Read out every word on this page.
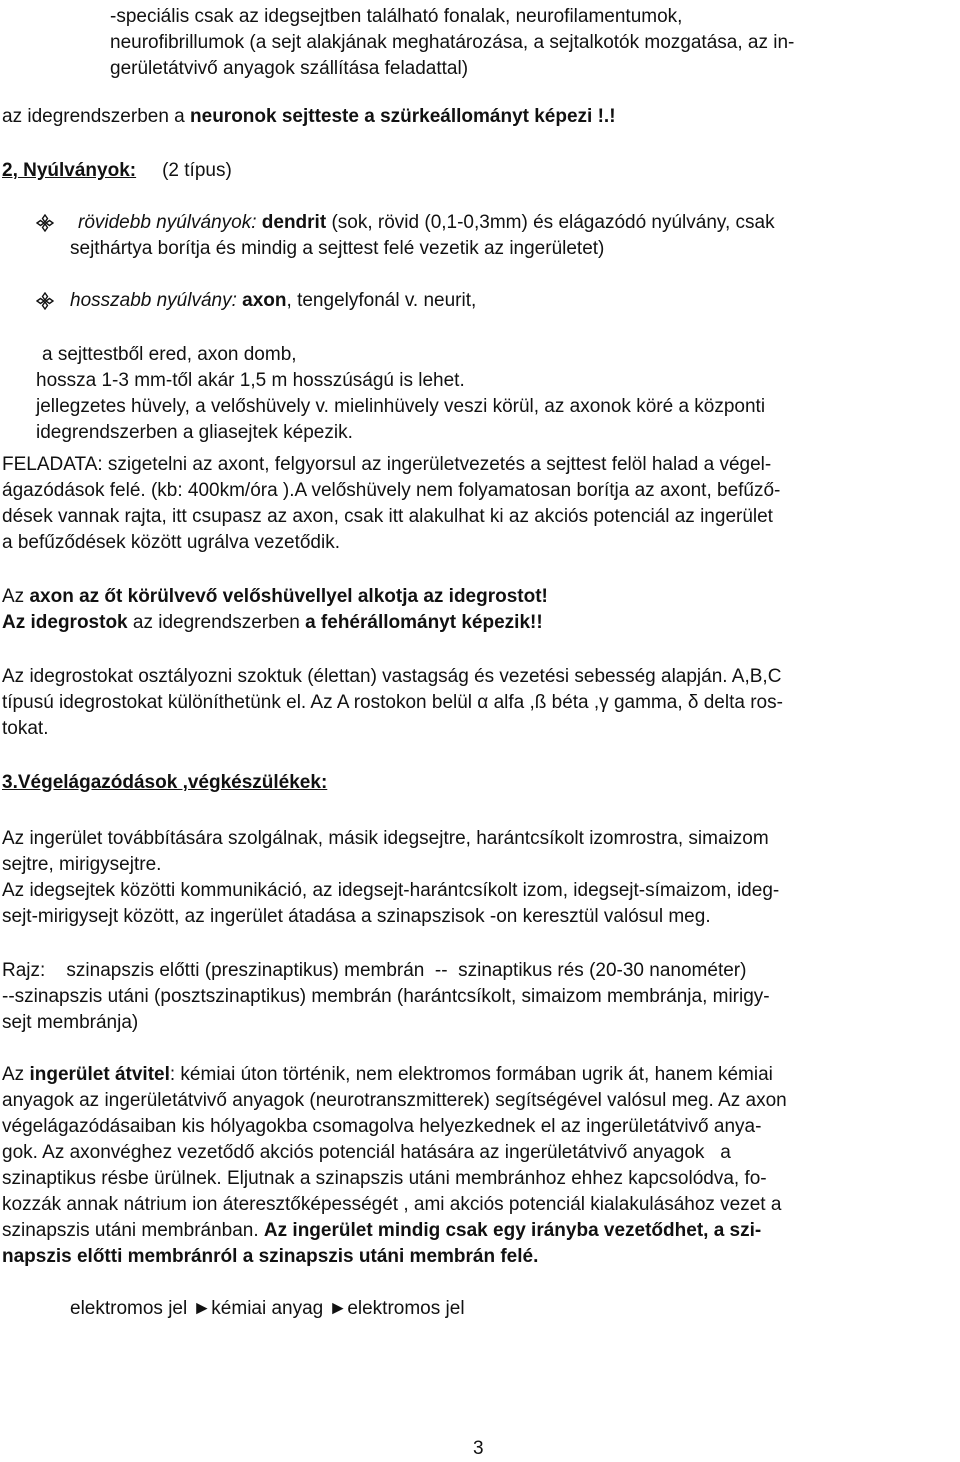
-speciális csak az idegsejtben található fonalak, neurofilamentumok,
neurofibrillumok (a sejt alakjának meghatározása, a sejtalkotók mozgatása, az in-
gerületátvivő anyagok szállítása feladattal)
az idegrendszerben a neuronok sejtteste a szürkeállományt képezi !.!
2, Nyúlványok: (2 típus)
rövidebb nyúlványok: dendrit (sok, rövid (0,1-0,3mm) és elágazódó nyúlvány, csak
sejthártya borítja és mindig a sejttest felé vezetik az ingerületet)
hosszabb nyúlvány: axon, tengelyfonál v. neurit,
a sejttestből ered, axon domb,
hossza 1-3 mm-től akár 1,5 m hosszúságú is lehet.
jellegzetes hüvely, a velőshüvely v. mielinhüvely veszi körül, az axonok köré a központi
idegrendszerben a gliasejtek képezik.
FELADATA: szigetelni az axont, felgyorsul az ingerületvezetés a sejttest felöl halad a végel-
ágazódások felé. (kb: 400km/óra ).A velőshüvely nem folyamatosan borítja az axont, befűző-
dések vannak rajta, itt csupasz az axon, csak itt alakulhat ki az akciós potenciál az ingerület
a befűződések között ugrálva vezetődik.
Az axon az őt körülvevő velőshüvellyel alkotja az idegrostot!
Az idegrostok az idegrendszerben a fehérállományt képezik!!
Az idegrostokat osztályozni szoktuk (élettan) vastagság és vezetési sebesség alapján. A,B,C
típusú idegrostokat különíthetünk el. Az A rostokon belül α alfa ,ß béta ,γ gamma, δ delta ros-
tokat.
3.Végelágazódások ,végkészülékek:
Az ingerület továbbítására szolgálnak, másik idegsejtre, harántcsíkolt izomrostra, simaizom
sejtre, mirigysejtre.
Az idegsejtek közötti kommunikáció, az idegsejt-harántcsíkolt izom, idegsejt-símaizom, ideg-
sejt-mirigysejt között, az ingerület átadása a szinapszisok -on keresztül valósul meg.
Rajz:    szinapszis előtti (preszinaptikus) membrán  --  szinaptikus rés (20-30 nanométer)
--szinapszis utáni (posztszinaptikus) membrán (harántcsíkolt, simaizom membránja, mirigy-
sejt membránja)
Az ingerület átvitel: kémiai úton történik, nem elektromos formában ugrik át, hanem kémiai
anyagok az ingerületátvivő anyagok (neurotranszmitterek) segítségével valósul meg. Az axon
végelágazódásaiban kis hólyagokba csomagolva helyezkednek el az ingerületátvivő anya-
gok. Az axonvéghez vezetődő akciós potenciál hatására az ingerületátvivő anyagok   a
szinaptikus résbe ürülnek. Eljutnak a szinapszis utáni membránhoz ehhez kapcsolódva, fo-
kozzák annak nátrium ion áteresztőképességét , ami akciós potenciál kialakulásához vezet a
szinapszis utáni membránban. Az ingerület mindig csak egy irányba vezetődhet, a szi-
napszis előtti membránról a szinapszis utáni membrán felé.
elektromos jel ►kémiai anyag ►elektromos jel
3
